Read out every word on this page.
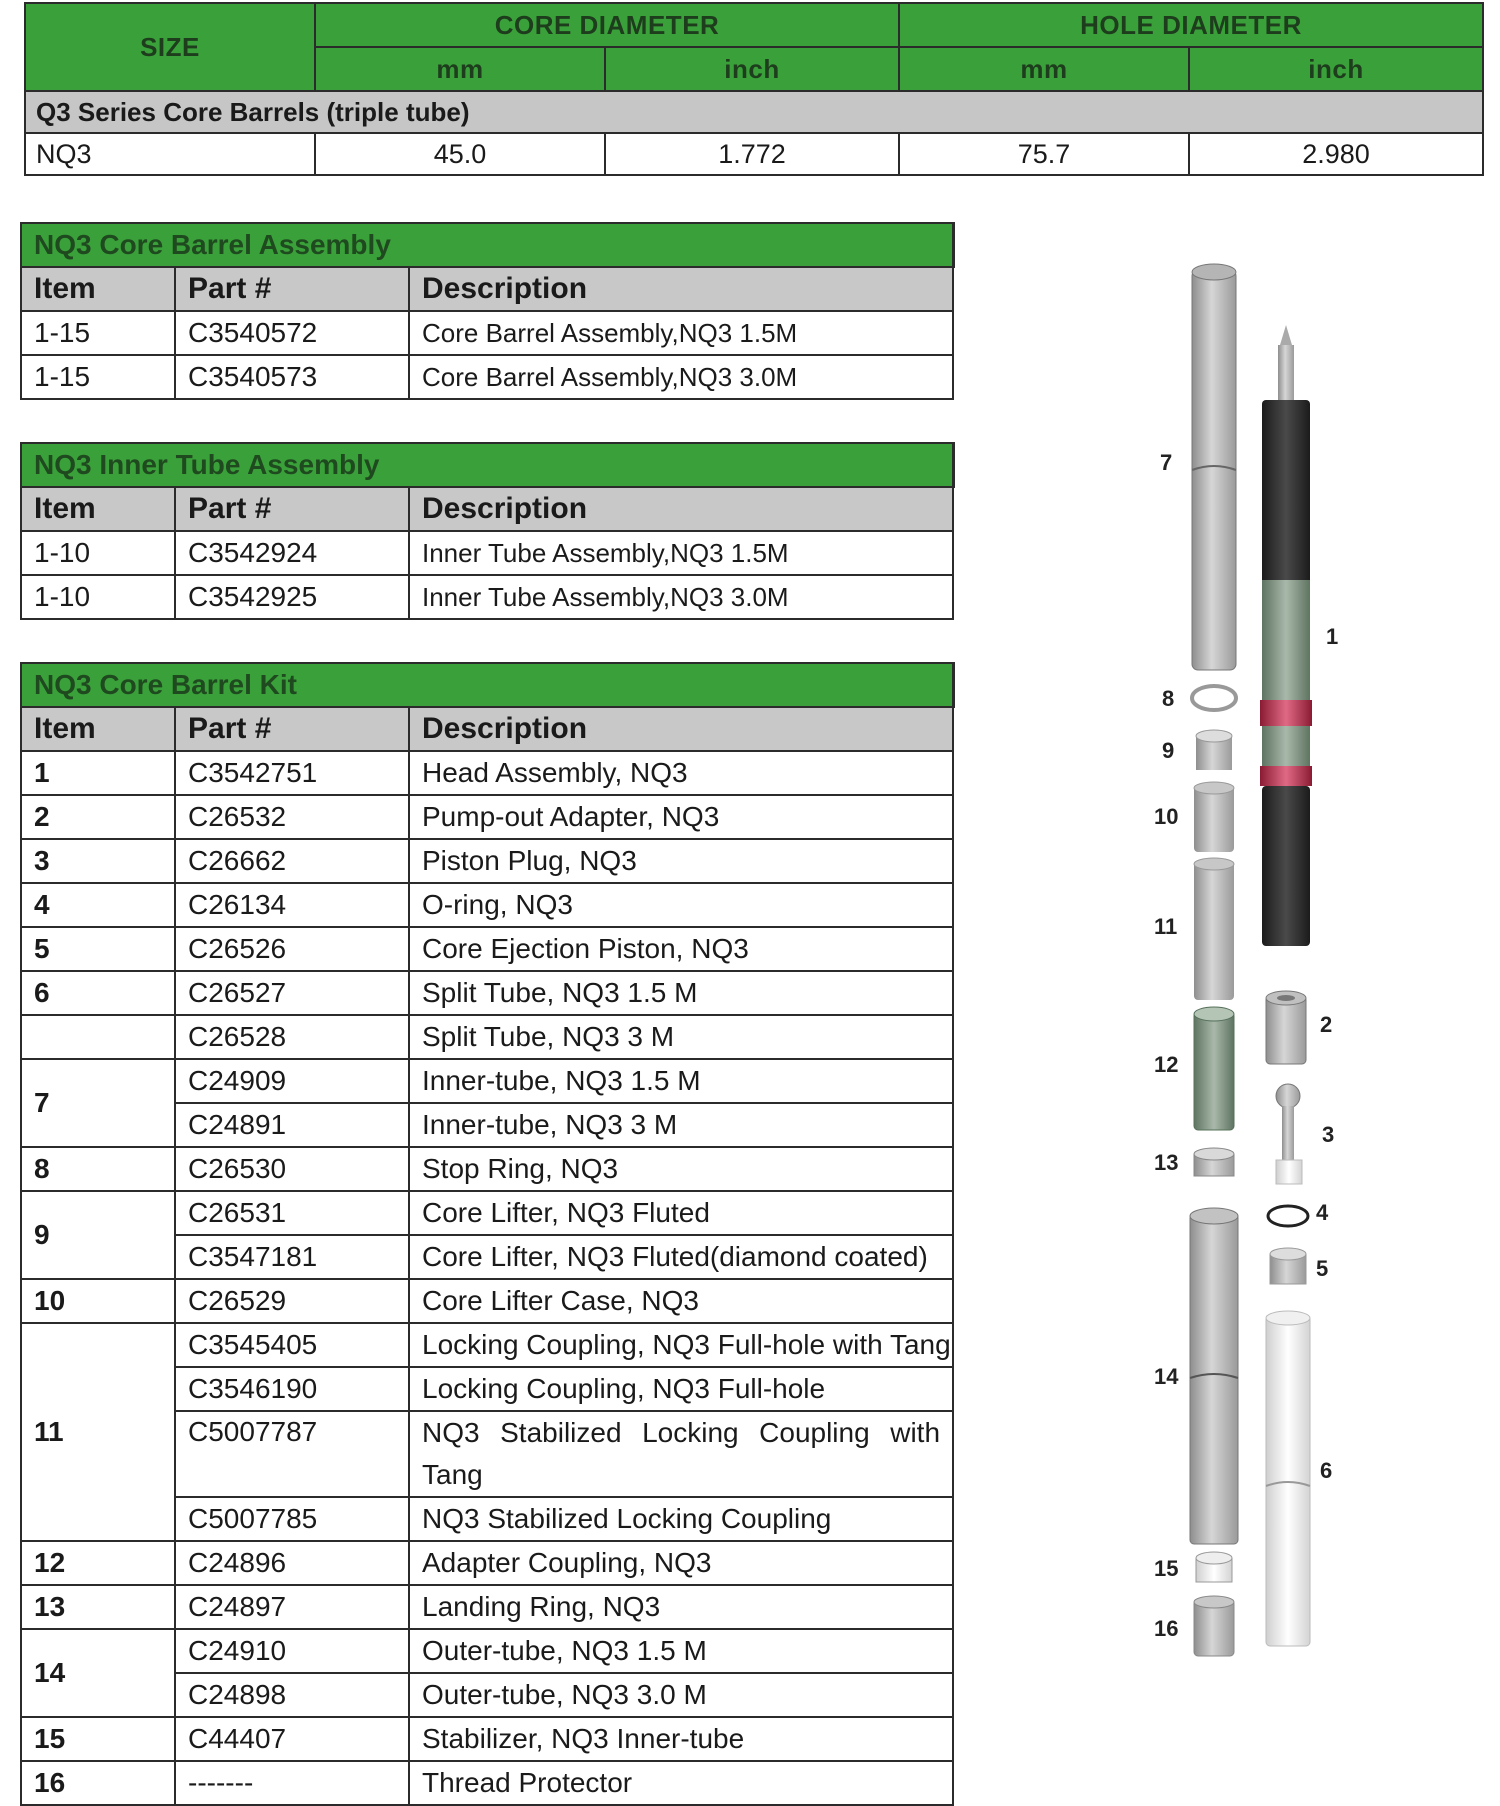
SIZE	CORE DIAMETER		HOLE DIAMETER	
	mm	inch	mm	inch
Q3 Series Core Barrels (triple tube)				
NQ3	45.0	1.772	75.7	2.980
NQ3 Core Barrel Assembly		
Item	Part #	Description
1-15	C3540572	Core Barrel Assembly,NQ3 1.5M
1-15	C3540573	Core Barrel Assembly,NQ3 3.0M
NQ3 Inner Tube Assembly		
Item	Part #	Description
1-10	C3542924	Inner Tube Assembly,NQ3 1.5M
1-10	C3542925	Inner Tube Assembly,NQ3 3.0M
NQ3 Core Barrel Kit		
Item	Part #	Description
1	C3542751	Head Assembly, NQ3
2	C26532	Pump-out Adapter, NQ3
3	C26662	Piston Plug, NQ3
4	C26134	O-ring, NQ3
5	C26526	Core Ejection Piston, NQ3
6	C26527	Split Tube, NQ3 1.5 M
	C26528	Split Tube, NQ3 3 M
7	C24909	Inner-tube, NQ3 1.5 M
	C24891	Inner-tube, NQ3 3 M
8	C26530	Stop Ring, NQ3
9	C26531	Core Lifter, NQ3 Fluted
	C3547181	Core Lifter, NQ3 Fluted(diamond coated)
10	C26529	Core Lifter Case, NQ3
11	C3545405	Locking Coupling, NQ3 Full-hole with Tang
	C3546190	Locking Coupling, NQ3 Full-hole
	C5007787	NQ3 Stabilized Locking Coupling with Tang
	C5007785	NQ3 Stabilized Locking Coupling
12	C24896	Adapter Coupling, NQ3
13	C24897	Landing Ring, NQ3
14	C24910	Outer-tube, NQ3 1.5 M
	C24898	Outer-tube, NQ3 3.0 M
15	C44407	Stabilizer, NQ3 Inner-tube
16	-------	Thread Protector
7
1
8
9
10
11
2
12
3
13
4
5
14
6
15
16
